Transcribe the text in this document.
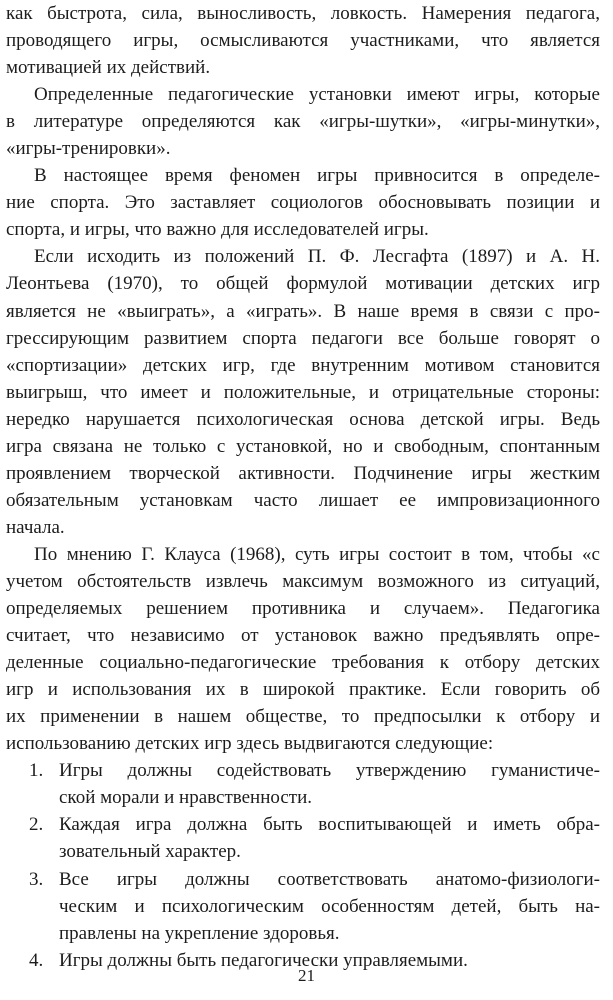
как быстрота, сила, выносливость, ловкость. Намерения педагога,
проводящего игры, осмысливаются участниками, что является
мотивацией их действий.
Определенные педагогические установки имеют игры, которые
в литературе определяются как «игры-шутки», «игры-минутки»,
«игры-тренировки».
В настоящее время феномен игры привносится в определе-
ние спорта. Это заставляет социологов обосновывать позиции и
спорта, и игры, что важно для исследователей игры.
Если исходить из положений П. Ф. Лесгафта (1897) и А. Н.
Леонтьева (1970), то общей формулой мотивации детских игр
является не «выиграть», а «играть». В наше время в связи с про-
грессирующим развитием спорта педагоги все больше говорят о
«спортизации» детских игр, где внутренним мотивом становится
выигрыш, что имеет и положительные, и отрицательные стороны:
нередко нарушается психологическая основа детской игры. Ведь
игра связана не только с установкой, но и свободным, спонтанным
проявлением творческой активности. Подчинение игры жестким
обязательным установкам часто лишает ее импровизационного
начала.
По мнению Г. Клауса (1968), суть игры состоит в том, чтобы «с
учетом обстоятельств извлечь максимум возможного из ситуаций,
определяемых решением противника и случаем». Педагогика
считает, что независимо от установок важно предъявлять опре-
деленные социально-педагогические требования к отбору детских
игр и использования их в широкой практике. Если говорить об
их применении в нашем обществе, то предпосылки к отбору и
использованию детских игр здесь выдвигаются следующие:
1. Игры должны содействовать утверждению гуманистиче-
ской морали и нравственности.
2. Каждая игра должна быть воспитывающей и иметь обра-
зовательный характер.
3. Все игры должны соответствовать анатомо-физиологи-
ческим и психологическим особенностям детей, быть на-
правлены на укрепление здоровья.
4. Игры должны быть педагогически управляемыми.
21
